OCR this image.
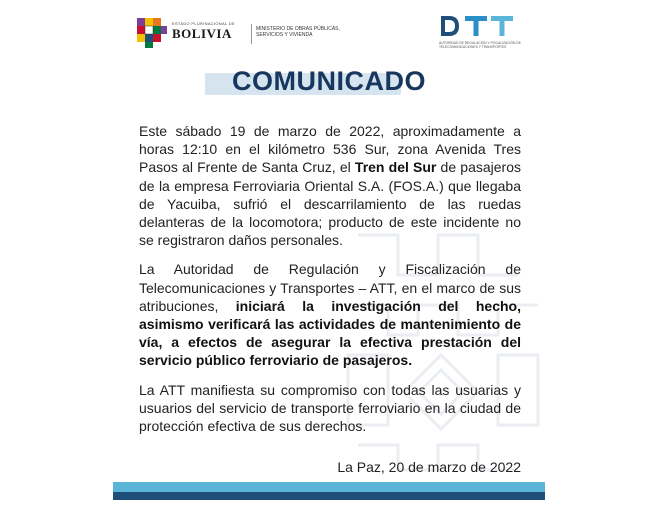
ESTADO PLURINACIONAL DE
BOLIVIA	MINISTERIO DE OBRAS PÚBLICAS, SERVICIOS Y VIVIENDA
AUTORIDAD DE REGULACIÓN Y FISCALIZACIÓN DE TELECOMUNICACIONES Y TRANSPORTES
COMUNICADO

Este sábado 19 de marzo de 2022, aproximadamente a horas 12:10 en el kilómetro 536 Sur, zona Avenida Tres Pasos al Frente de Santa Cruz, el Tren del Sur de pasajeros de la empresa Ferroviaria Oriental S.A. (FOS.A.) que llegaba de Yacuiba, sufrió el descarrilamiento de las ruedas delanteras de la locomotora; producto de este incidente no se registraron daños personales.

La Autoridad de Regulación y Fiscalización de Telecomunicaciones y Transportes – ATT, en el marco de sus atribuciones, iniciará la investigación del hecho, asimismo verificará las actividades de mantenimiento de vía, a efectos de asegurar la efectiva prestación del servicio público ferroviario de pasajeros.

La ATT manifiesta su compromiso con todas las usuarias y usuarios del servicio de transporte ferroviario en la ciudad de protección efectiva de sus derechos.

La Paz, 20 de marzo de 2022
